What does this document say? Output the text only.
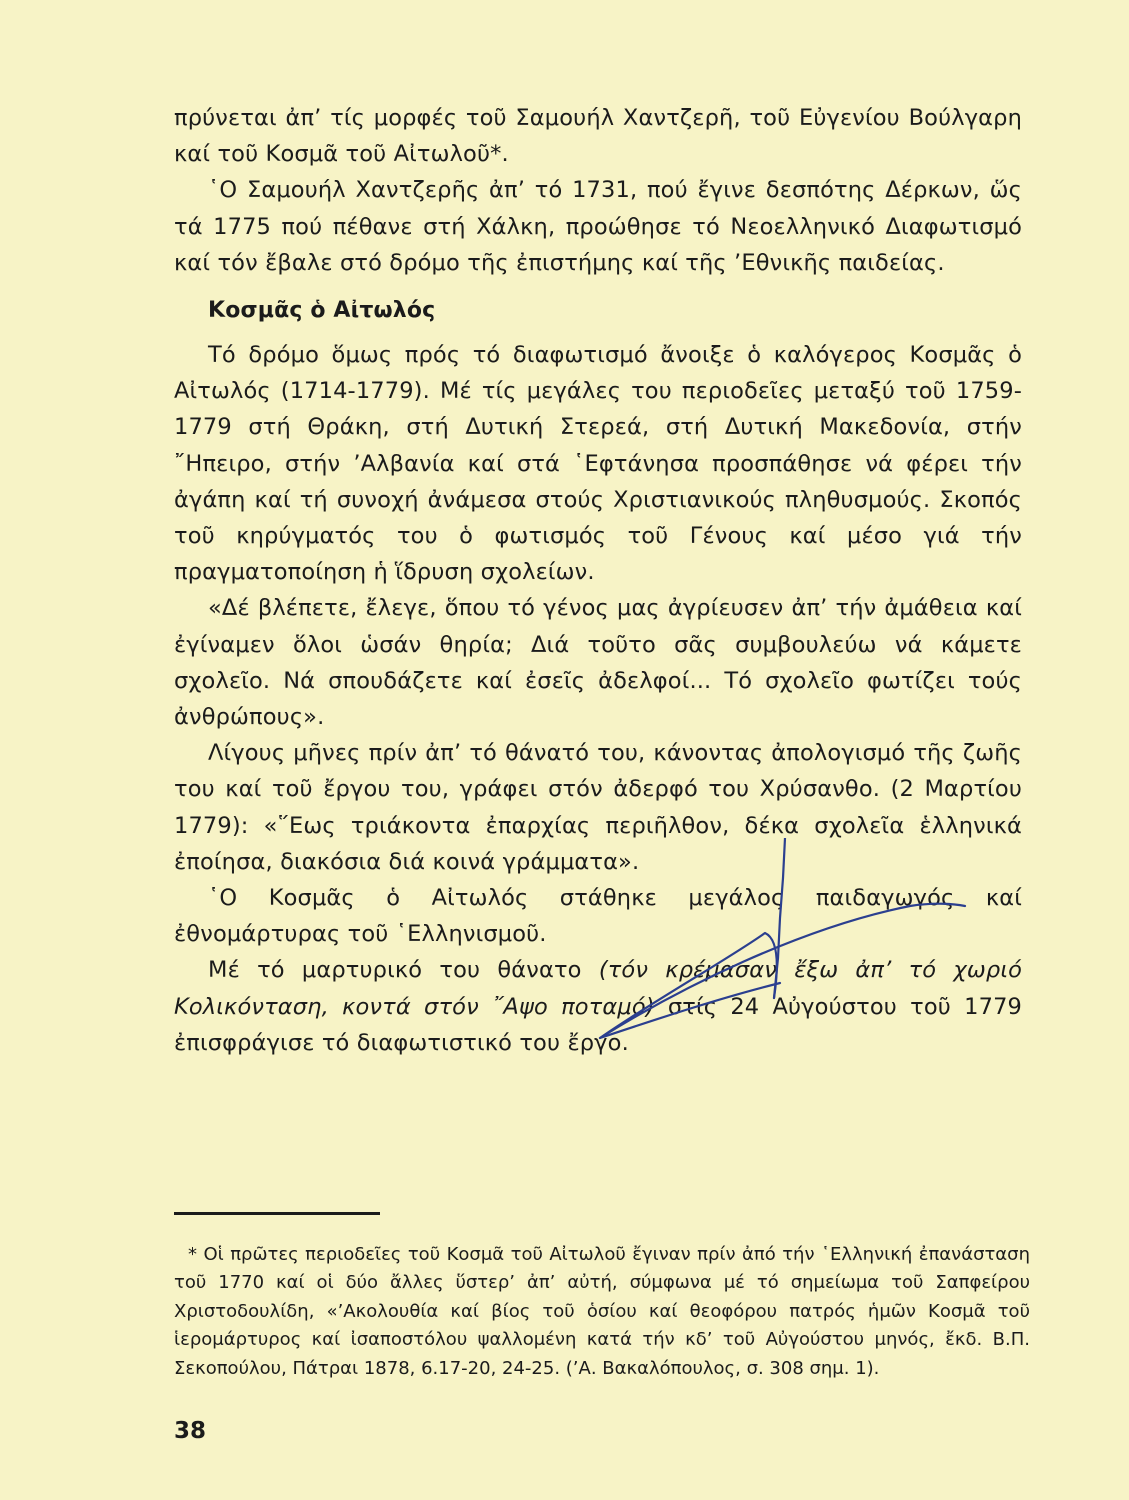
πρύνεται ἀπ’ τίς μορφές τοῦ Σαμουήλ Χαντζερῆ, τοῦ Εὐγενίου Βούλγαρη καί τοῦ Κοσμᾶ τοῦ Αἰτωλοῦ*.

῾Ο Σαμουήλ Χαντζερῆς ἀπ’ τό 1731, πού ἔγινε δεσπότης Δέρκων, ὥς τά 1775 πού πέθανε στή Χάλκη, προώθησε τό Νεοελληνικό Διαφωτισμό καί τόν ἔβαλε στό δρόμο τῆς ἐπιστήμης καί τῆς ’Εθνικῆς παιδείας.

Κοσμᾶς ὁ Αἰτωλός

Τό δρόμο ὅμως πρός τό διαφωτισμό ἄνοιξε ὁ καλόγερος Κοσμᾶς ὁ Αἰτωλός (1714-1779). Μέ τίς μεγάλες του περιοδεῖες μεταξύ τοῦ 1759-1779 στή Θράκη, στή Δυτική Στερεά, στή Δυτική Μακεδονία, στήν ῎Ηπειρο, στήν ’Αλβανία καί στά ῾Εφτάνησα προσπάθησε νά φέρει τήν ἀγάπη καί τή συνοχή ἀνάμεσα στούς Χριστιανικούς πληθυσμούς. Σκοπός τοῦ κηρύγματός του ὁ φωτισμός τοῦ Γένους καί μέσο γιά τήν πραγματοποίηση ἡ ἵδρυση σχολείων.

«Δέ βλέπετε, ἔλεγε, ὅπου τό γένος μας ἀγρίευσεν ἀπ’ τήν ἀμάθεια καί ἐγίναμεν ὅλοι ὡσάν θηρία; Διά τοῦτο σᾶς συμβουλεύω νά κάμετε σχολεῖο. Νά σπουδάζετε καί ἐσεῖς ἀδελφοί... Τό σχολεῖο φωτίζει τούς ἀνθρώπους».

Λίγους μῆνες πρίν ἀπ’ τό θάνατό του, κάνοντας ἀπολογισμό τῆς ζωῆς του καί τοῦ ἔργου του, γράφει στόν ἀδερφό του Χρύσανθο. (2 Μαρτίου 1779): «῞Εως τριάκοντα ἐπαρχίας περιῆλθον, δέκα σχολεῖα ἑλληνικά ἐποίησα, διακόσια διά κοινά γράμματα».

῾Ο Κοσμᾶς ὁ Αἰτωλός στάθηκε μεγάλος παιδαγωγός καί ἐθνομάρτυρας τοῦ ῾Ελληνισμοῦ.

Μέ τό μαρτυρικό του θάνατο (τόν κρέμασαν ἔξω ἀπ’ τό χωριό Κολικόνταση, κοντά στόν ῎Αψο ποταμό) στίς 24 Αὐγούστου τοῦ 1779 ἐπισφράγισε τό διαφωτιστικό του ἔργο.

* Οἱ πρῶτες περιοδεῖες τοῦ Κοσμᾶ τοῦ Αἰτωλοῦ ἔγιναν πρίν ἀπό τήν ῾Ελληνική ἐπανάσταση τοῦ 1770 καί οἱ δύο ἄλλες ὕστερ’ ἀπ’ αὐτή, σύμφωνα μέ τό σημείωμα τοῦ Σαπφείρου Χριστοδουλίδη, «’Ακολουθία καί βίος τοῦ ὁσίου καί θεοφόρου πατρός ἡμῶν Κοσμᾶ τοῦ ἱερομάρτυρος καί ἰσαποστόλου ψαλλομένη κατά τήν κδ’ τοῦ Αὐγούστου μηνός, ἔκδ. Β.Π. Σεκοπούλου, Πάτραι 1878, 6.17-20, 24-25. (’Α. Βακαλόπουλος, σ. 308 σημ. 1).

38
